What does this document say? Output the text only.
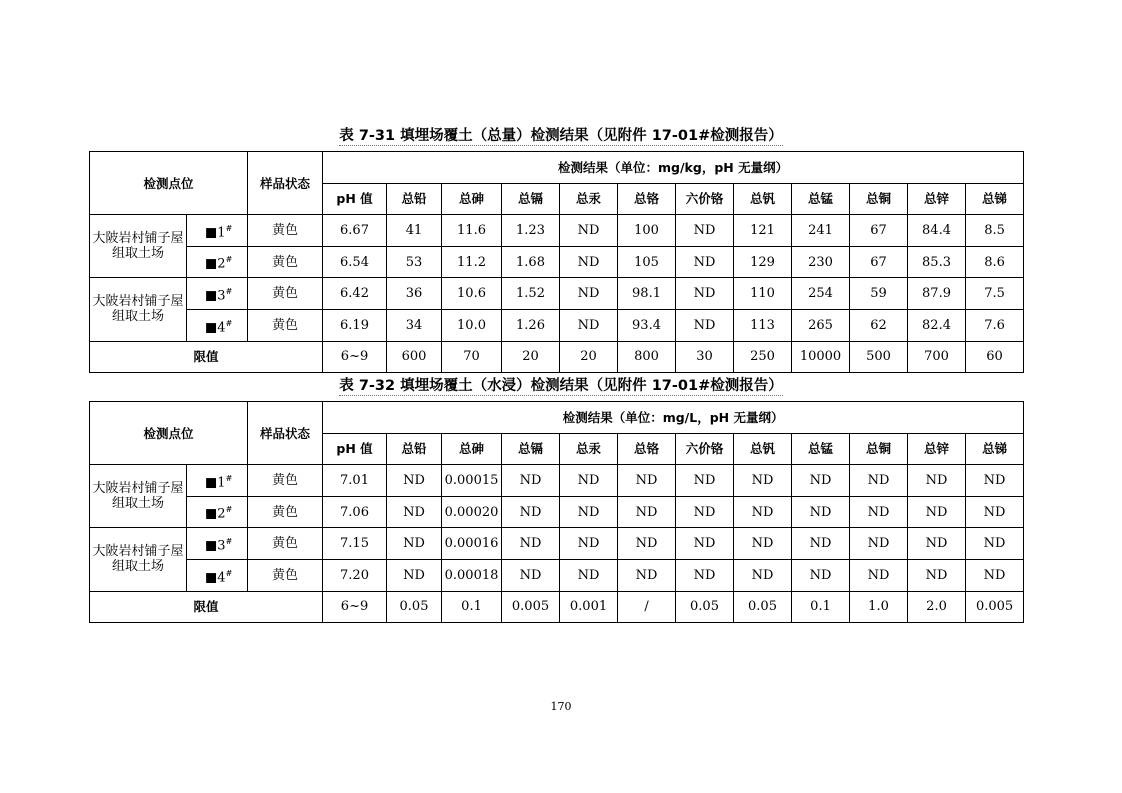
表 7-31 填埋场覆土（总量）检测结果（见附件 17-01#检测报告）
检测点位		样品状态	检测结果（单位：mg/kg，pH 无量纲）											
			pH 值	总铅	总砷	总镉	总汞	总铬	六价铬	总钒	总锰	总铜	总锌	总锑
大陂岩村铺子屋组取土场	■1#	黄色	6.67	41	11.6	1.23	ND	100	ND	121	241	67	84.4	8.5
	■2#	黄色	6.54	53	11.2	1.68	ND	105	ND	129	230	67	85.3	8.6
大陂岩村铺子屋组取土场	■3#	黄色	6.42	36	10.6	1.52	ND	98.1	ND	110	254	59	87.9	7.5
	■4#	黄色	6.19	34	10.0	1.26	ND	93.4	ND	113	265	62	82.4	7.6
限值			6~9	600	70	20	20	800	30	250	10000	500	700	60
表 7-32 填埋场覆土（水浸）检测结果（见附件 17-01#检测报告）
检测点位		样品状态	检测结果（单位：mg/L，pH 无量纲）											
			pH 值	总铅	总砷	总镉	总汞	总铬	六价铬	总钒	总锰	总铜	总锌	总锑
大陂岩村铺子屋组取土场	■1#	黄色	7.01	ND	0.00015	ND	ND	ND	ND	ND	ND	ND	ND	ND
	■2#	黄色	7.06	ND	0.00020	ND	ND	ND	ND	ND	ND	ND	ND	ND
大陂岩村铺子屋组取土场	■3#	黄色	7.15	ND	0.00016	ND	ND	ND	ND	ND	ND	ND	ND	ND
	■4#	黄色	7.20	ND	0.00018	ND	ND	ND	ND	ND	ND	ND	ND	ND
限值			6~9	0.05	0.1	0.005	0.001	/	0.05	0.05	0.1	1.0	2.0	0.005
170
